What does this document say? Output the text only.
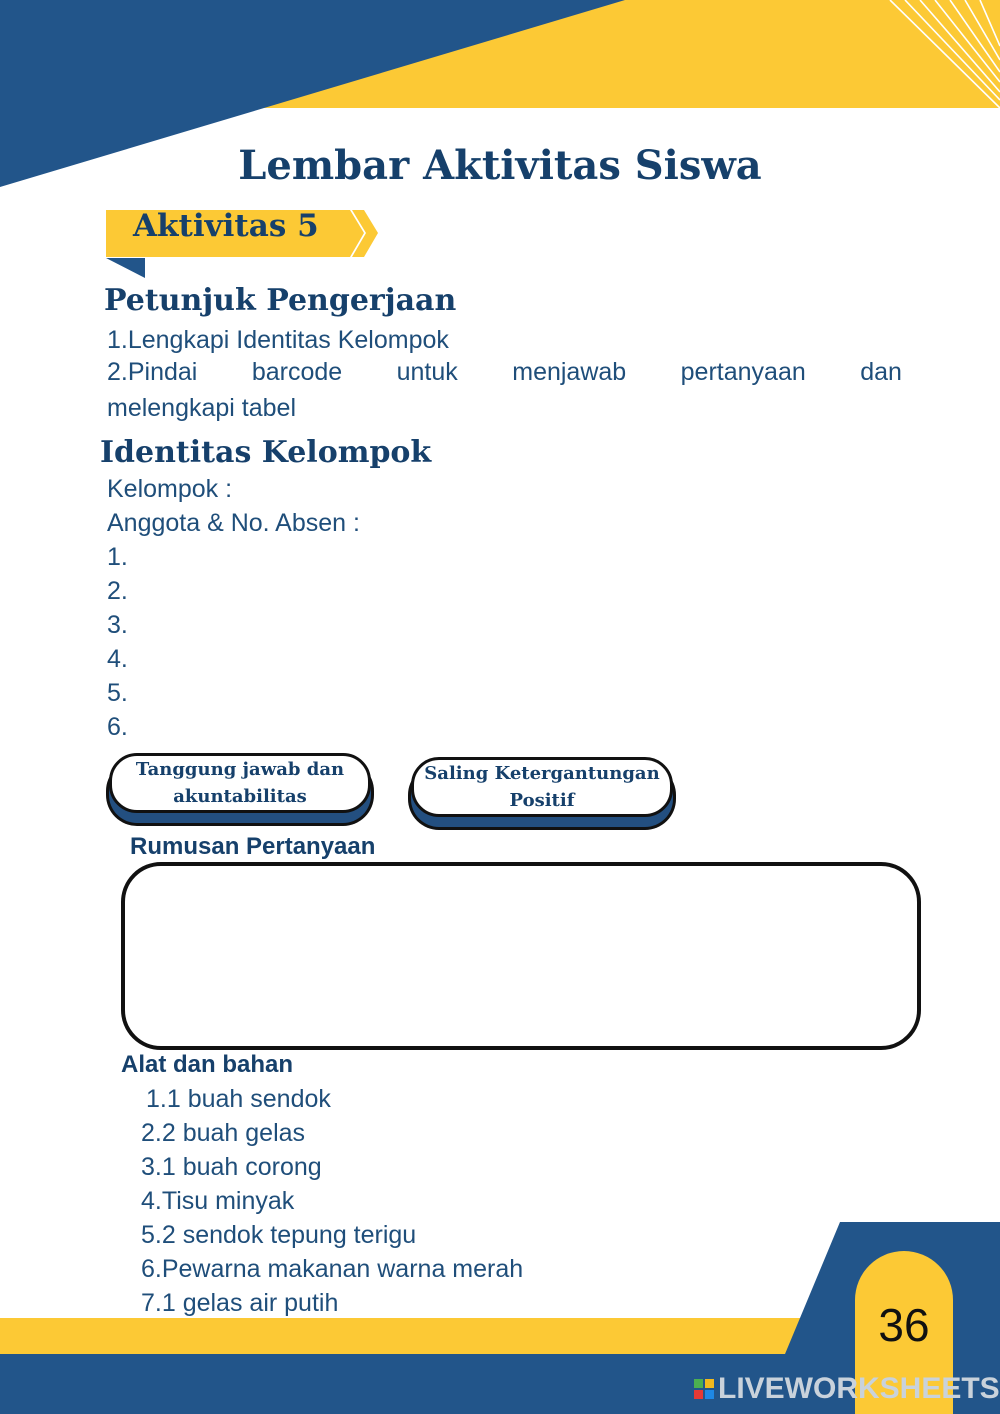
Lembar Aktivitas Siswa
Aktivitas 5
Petunjuk Pengerjaan
1.Lengkapi Identitas Kelompok
2.Pindai barcode untuk menjawab pertanyaan dan
melengkapi tabel
Identitas Kelompok
Kelompok :
Anggota & No. Absen :
1.
2.
3.
4.
5.
6.
Tanggung jawab dan
akuntabilitas
Saling Ketergantungan
Positif
Rumusan Pertanyaan
Alat dan bahan
1.1 buah sendok
2.2 buah gelas
3.1 buah corong
4.Tisu minyak
5.2 sendok tepung terigu
6.Pewarna makanan warna merah
7.1 gelas air putih	36
LIVEWORKSHEETS
